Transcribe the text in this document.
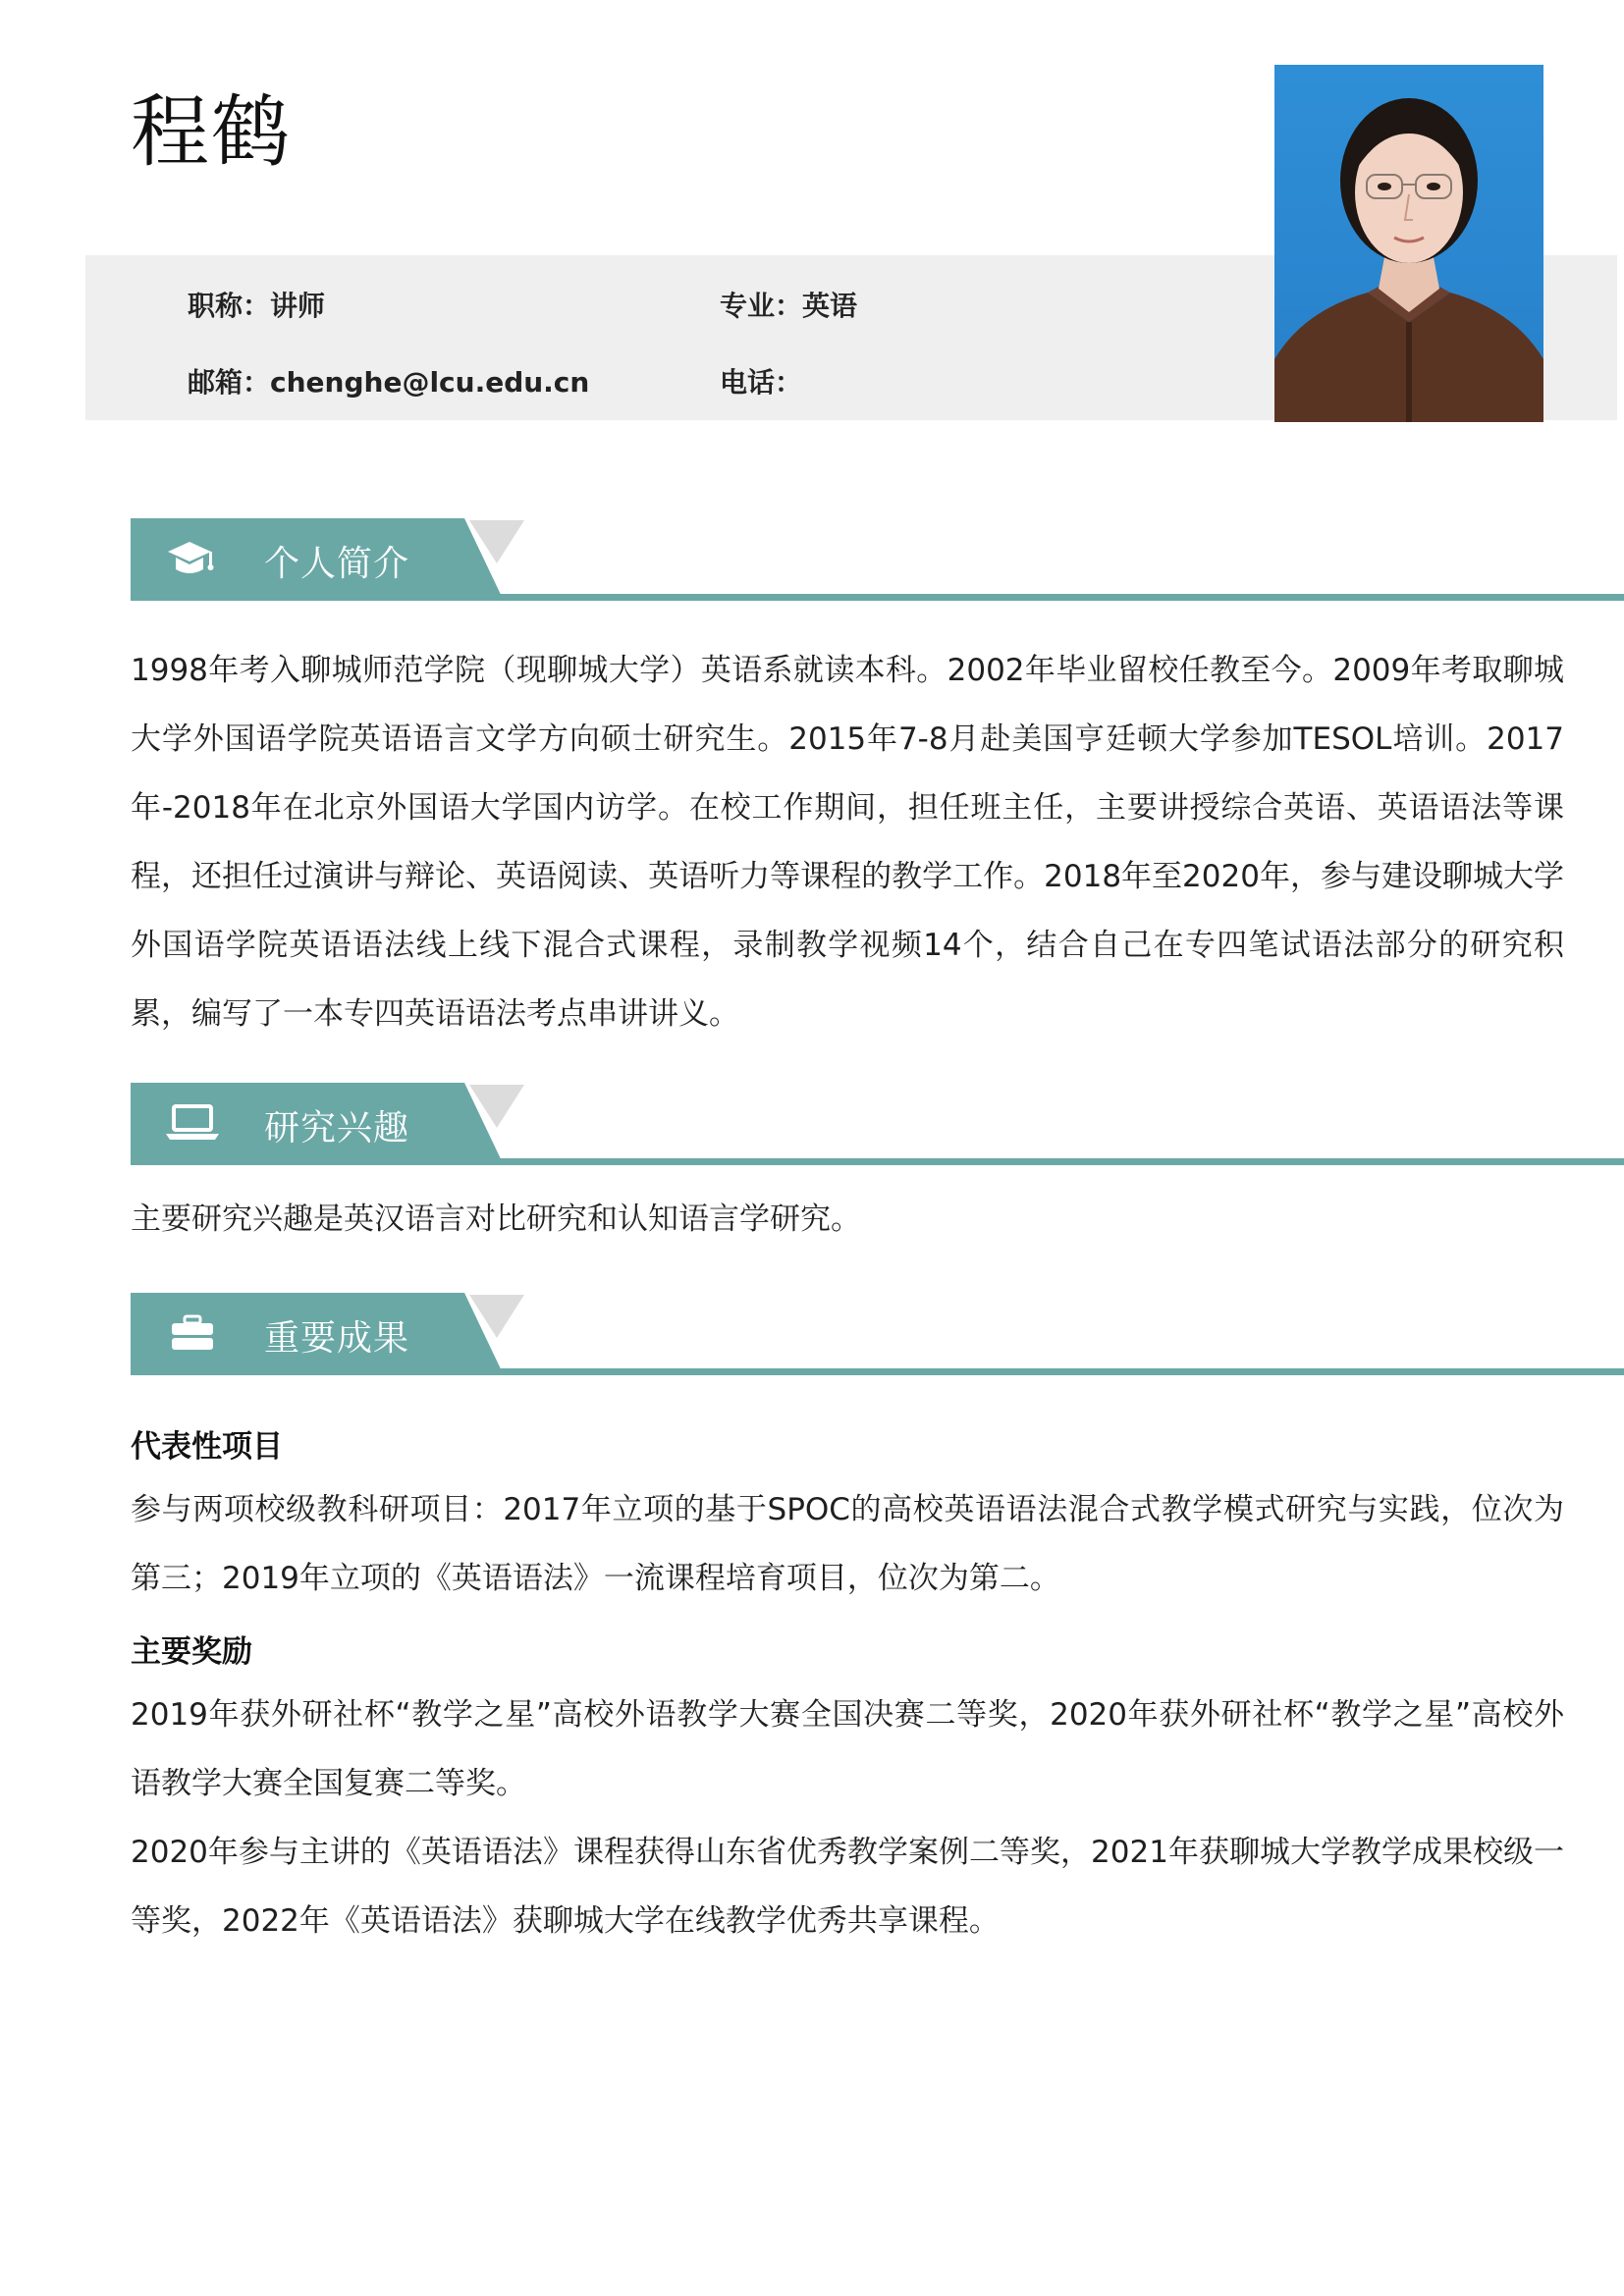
程鹤
职称：讲师	专业：英语
邮箱：chenghe@lcu.edu.cn	电话：
个人简介

1998年考入聊城师范学院（现聊城大学）英语系就读本科。2002年毕业留校任教至今。2009年考取聊城大学外国语学院英语语言文学方向硕士研究生。2015年7-8月赴美国亨廷顿大学参加TESOL培训。2017年-2018年在北京外国语大学国内访学。在校工作期间，担任班主任，主要讲授综合英语、英语语法等课程，还担任过演讲与辩论、英语阅读、英语听力等课程的教学工作。2018年至2020年，参与建设聊城大学外国语学院英语语法线上线下混合式课程，录制教学视频14个，结合自己在专四笔试语法部分的研究积累，编写了一本专四英语语法考点串讲讲义。

研究兴趣

主要研究兴趣是英汉语言对比研究和认知语言学研究。

重要成果

代表性项目

参与两项校级教科研项目：2017年立项的基于SPOC的高校英语语法混合式教学模式研究与实践，位次为第三；2019年立项的《英语语法》一流课程培育项目，位次为第二。

主要奖励

2019年获外研社杯“教学之星”高校外语教学大赛全国决赛二等奖，2020年获外研社杯“教学之星”高校外语教学大赛全国复赛二等奖。

2020年参与主讲的《英语语法》课程获得山东省优秀教学案例二等奖，2021年获聊城大学教学成果校级一等奖，2022年《英语语法》获聊城大学在线教学优秀共享课程。
